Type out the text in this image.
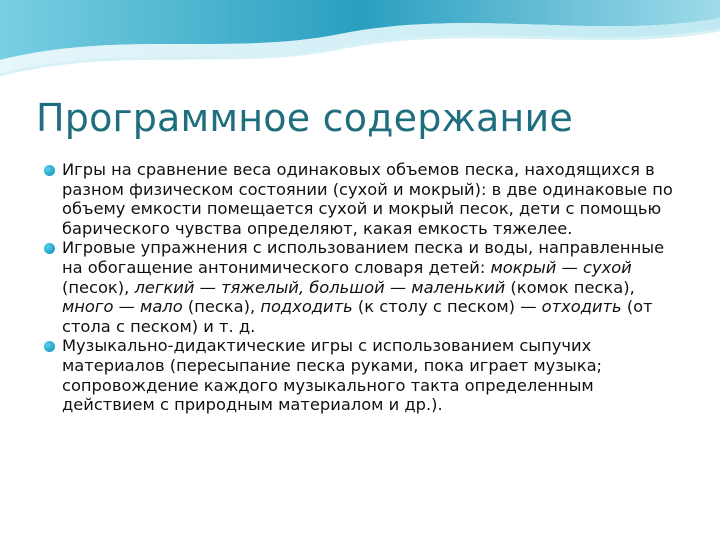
Программное содержание
Игры на сравнение веса одинаковых объемов песка, находящихся в разном физическом состоянии (сухой и мокрый): в две одинаковые по объему емкости помещается сухой и мокрый песок, дети с помощью барического чувства определяют, какая емкость тяжелее.
Игровые упражнения с использованием песка и воды, направленные на обогащение антонимического словаря детей: мокрый — сухой (песок), легкий — тяжелый, большой — маленький (комок песка), много — мало (песка), подходить (к столу с песком) — отходить (от стола с песком) и т. д.
Музыкально-дидактические игры с использованием сыпучих материалов (пересыпание песка руками, пока играет музыка; сопровождение каждого музыкального такта определенным действием с природным материалом и др.).
